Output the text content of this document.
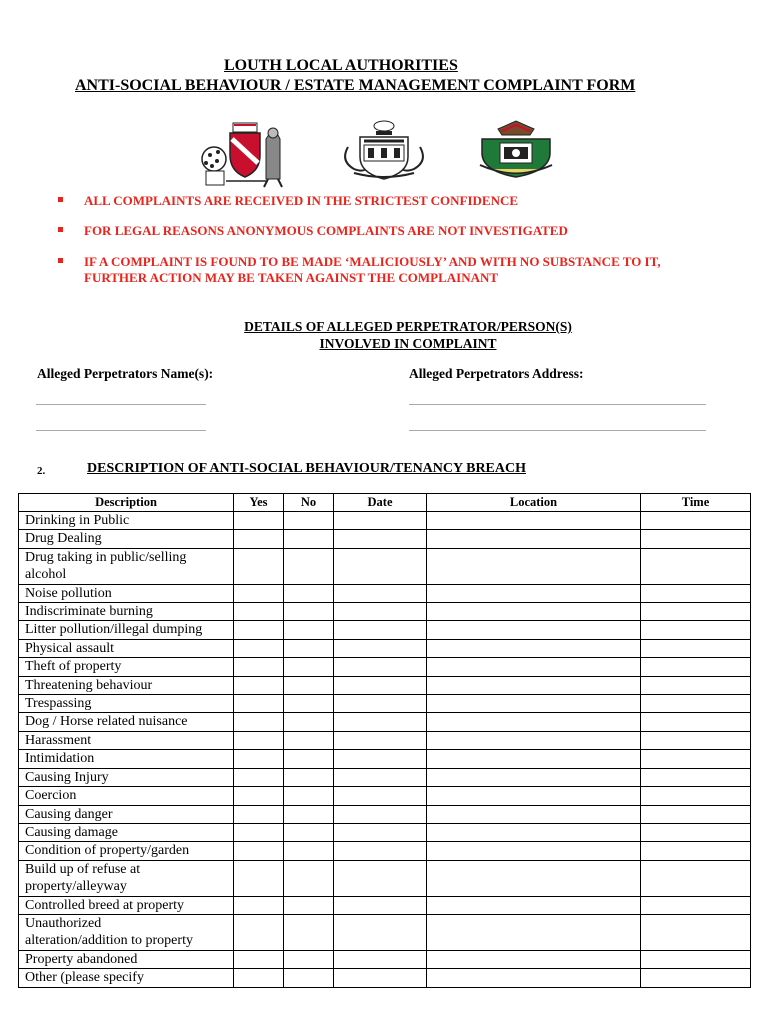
LOUTH LOCAL AUTHORITIES
ANTI-SOCIAL BEHAVIOUR / ESTATE MANAGEMENT COMPLAINT FORM
ALL COMPLAINTS ARE RECEIVED IN THE STRICTEST CONFIDENCE
FOR LEGAL REASONS ANONYMOUS COMPLAINTS ARE NOT INVESTIGATED
IF A COMPLAINT IS FOUND TO BE MADE ‘MALICIOUSLY’ AND WITH NO SUBSTANCE TO IT,
FURTHER ACTION MAY BE TAKEN AGAINST THE COMPLAINANT
DETAILS OF ALLEGED PERPETRATOR/PERSON(S)
INVOLVED IN COMPLAINT
Alleged Perpetrators Name(s):	Alleged Perpetrators Address:
2.	DESCRIPTION OF ANTI-SOCIAL BEHAVIOUR/TENANCY BREACH
Description	Yes	No	Date	Location	Time

Drinking in Public					

Drug Dealing					

Drug taking in public/selling
alcohol					

Noise pollution					

Indiscriminate burning					

Litter pollution/illegal dumping					

Physical assault					

Theft of property					

Threatening behaviour					

Trespassing					

Dog / Horse related nuisance					

Harassment					

Intimidation					

Causing Injury					

Coercion					

Causing danger					

Causing damage					

Condition of property/garden					

Build up of refuse at
property/alleyway					

Controlled breed at property					

Unauthorized
alteration/addition to property					

Property abandoned					

Other (please specify					
